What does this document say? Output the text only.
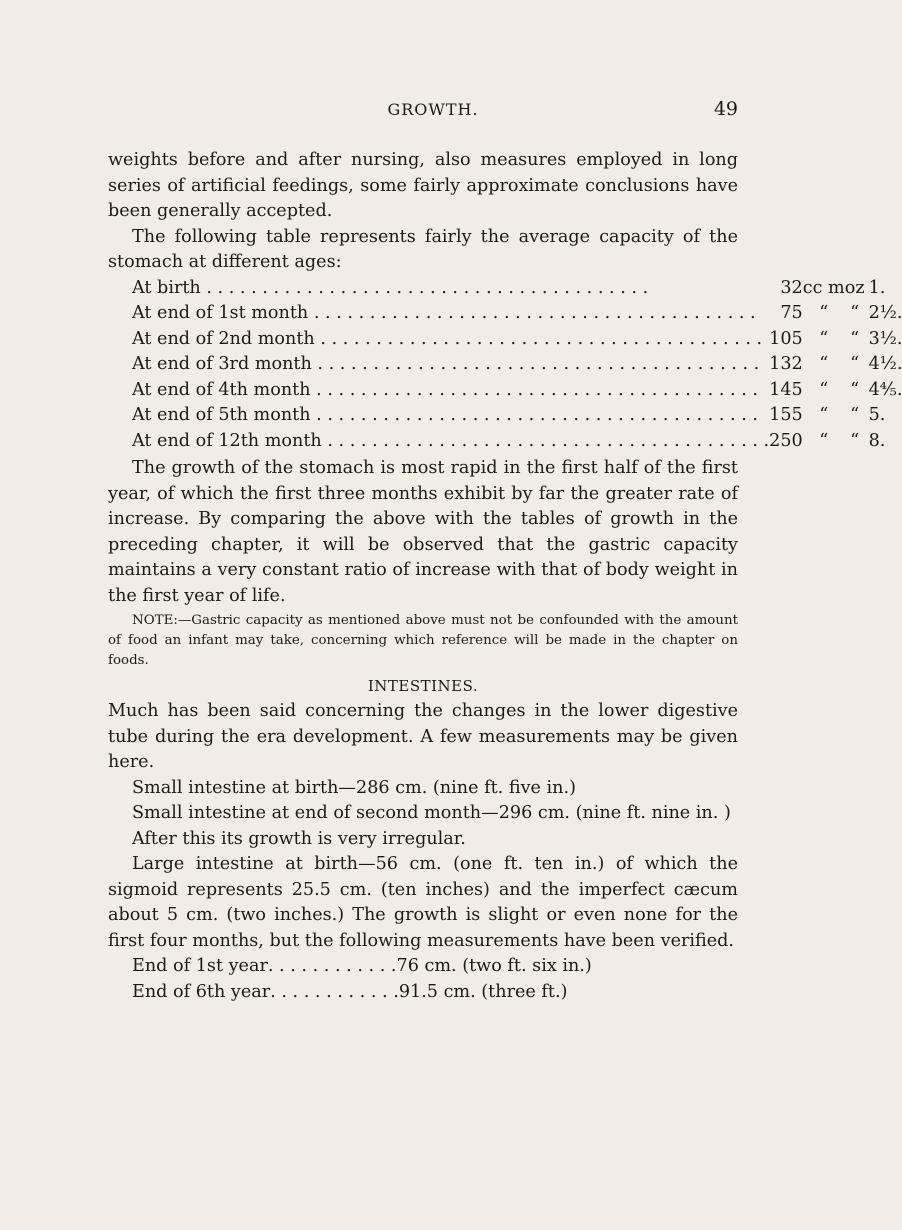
GROWTH.	49

weights before and after nursing, also measures employed in long series of artificial feedings, some fairly approximate conclusions have been generally accepted.

The following table represents fairly the average capacity of the stomach at different ages:

At birth . . . . . . . . . . . . . . . . . . . . . . . . . . . . . . . . . . . . . . . .	32	cc m	oz	1.
At end of 1st month . . . . . . . . . . . . . . . . . . . . . . . . . . . . . . . . . . . . . . . .	75	“	“	2½.
At end of 2nd month . . . . . . . . . . . . . . . . . . . . . . . . . . . . . . . . . . . . . . . .	105	“	“	3½.
At end of 3rd month . . . . . . . . . . . . . . . . . . . . . . . . . . . . . . . . . . . . . . . .	132	“	“	4½.
At end of 4th month . . . . . . . . . . . . . . . . . . . . . . . . . . . . . . . . . . . . . . . .	145	“	“	4⅘.
At end of 5th month . . . . . . . . . . . . . . . . . . . . . . . . . . . . . . . . . . . . . . . .	155	“	“	5.
At end of 12th month . . . . . . . . . . . . . . . . . . . . . . . . . . . . . . . . . . . . . . . .	250	“	“	8.

The growth of the stomach is most rapid in the first half of the first year, of which the first three months exhibit by far the greater rate of increase. By comparing the above with the tables of growth in the preceding chapter, it will be observed that the gastric capacity maintains a very constant ratio of increase with that of body weight in the first year of life.

NOTE:—Gastric capacity as mentioned above must not be confounded with the amount of food an infant may take, concerning which reference will be made in the chapter on foods.

INTESTINES.

Much has been said concerning the changes in the lower digestive tube during the era development. A few measurements may be given here.

Small intestine at birth—286 cm. (nine ft. five in.)

Small intestine at end of second month—296 cm. (nine ft. nine in. )

After this its growth is very irregular.

Large intestine at birth—56 cm. (one ft. ten in.) of which the sigmoid represents 25.5 cm. (ten inches) and the imperfect cæcum about 5 cm. (two inches.) The growth is slight or even none for the first four months, but the following measurements have been verified.

End of 1st year . . . . . . . . . . . . 76 cm. (two ft. six in.)
End of 6th year . . . . . . . . . . . . 91.5 cm. (three ft.)
